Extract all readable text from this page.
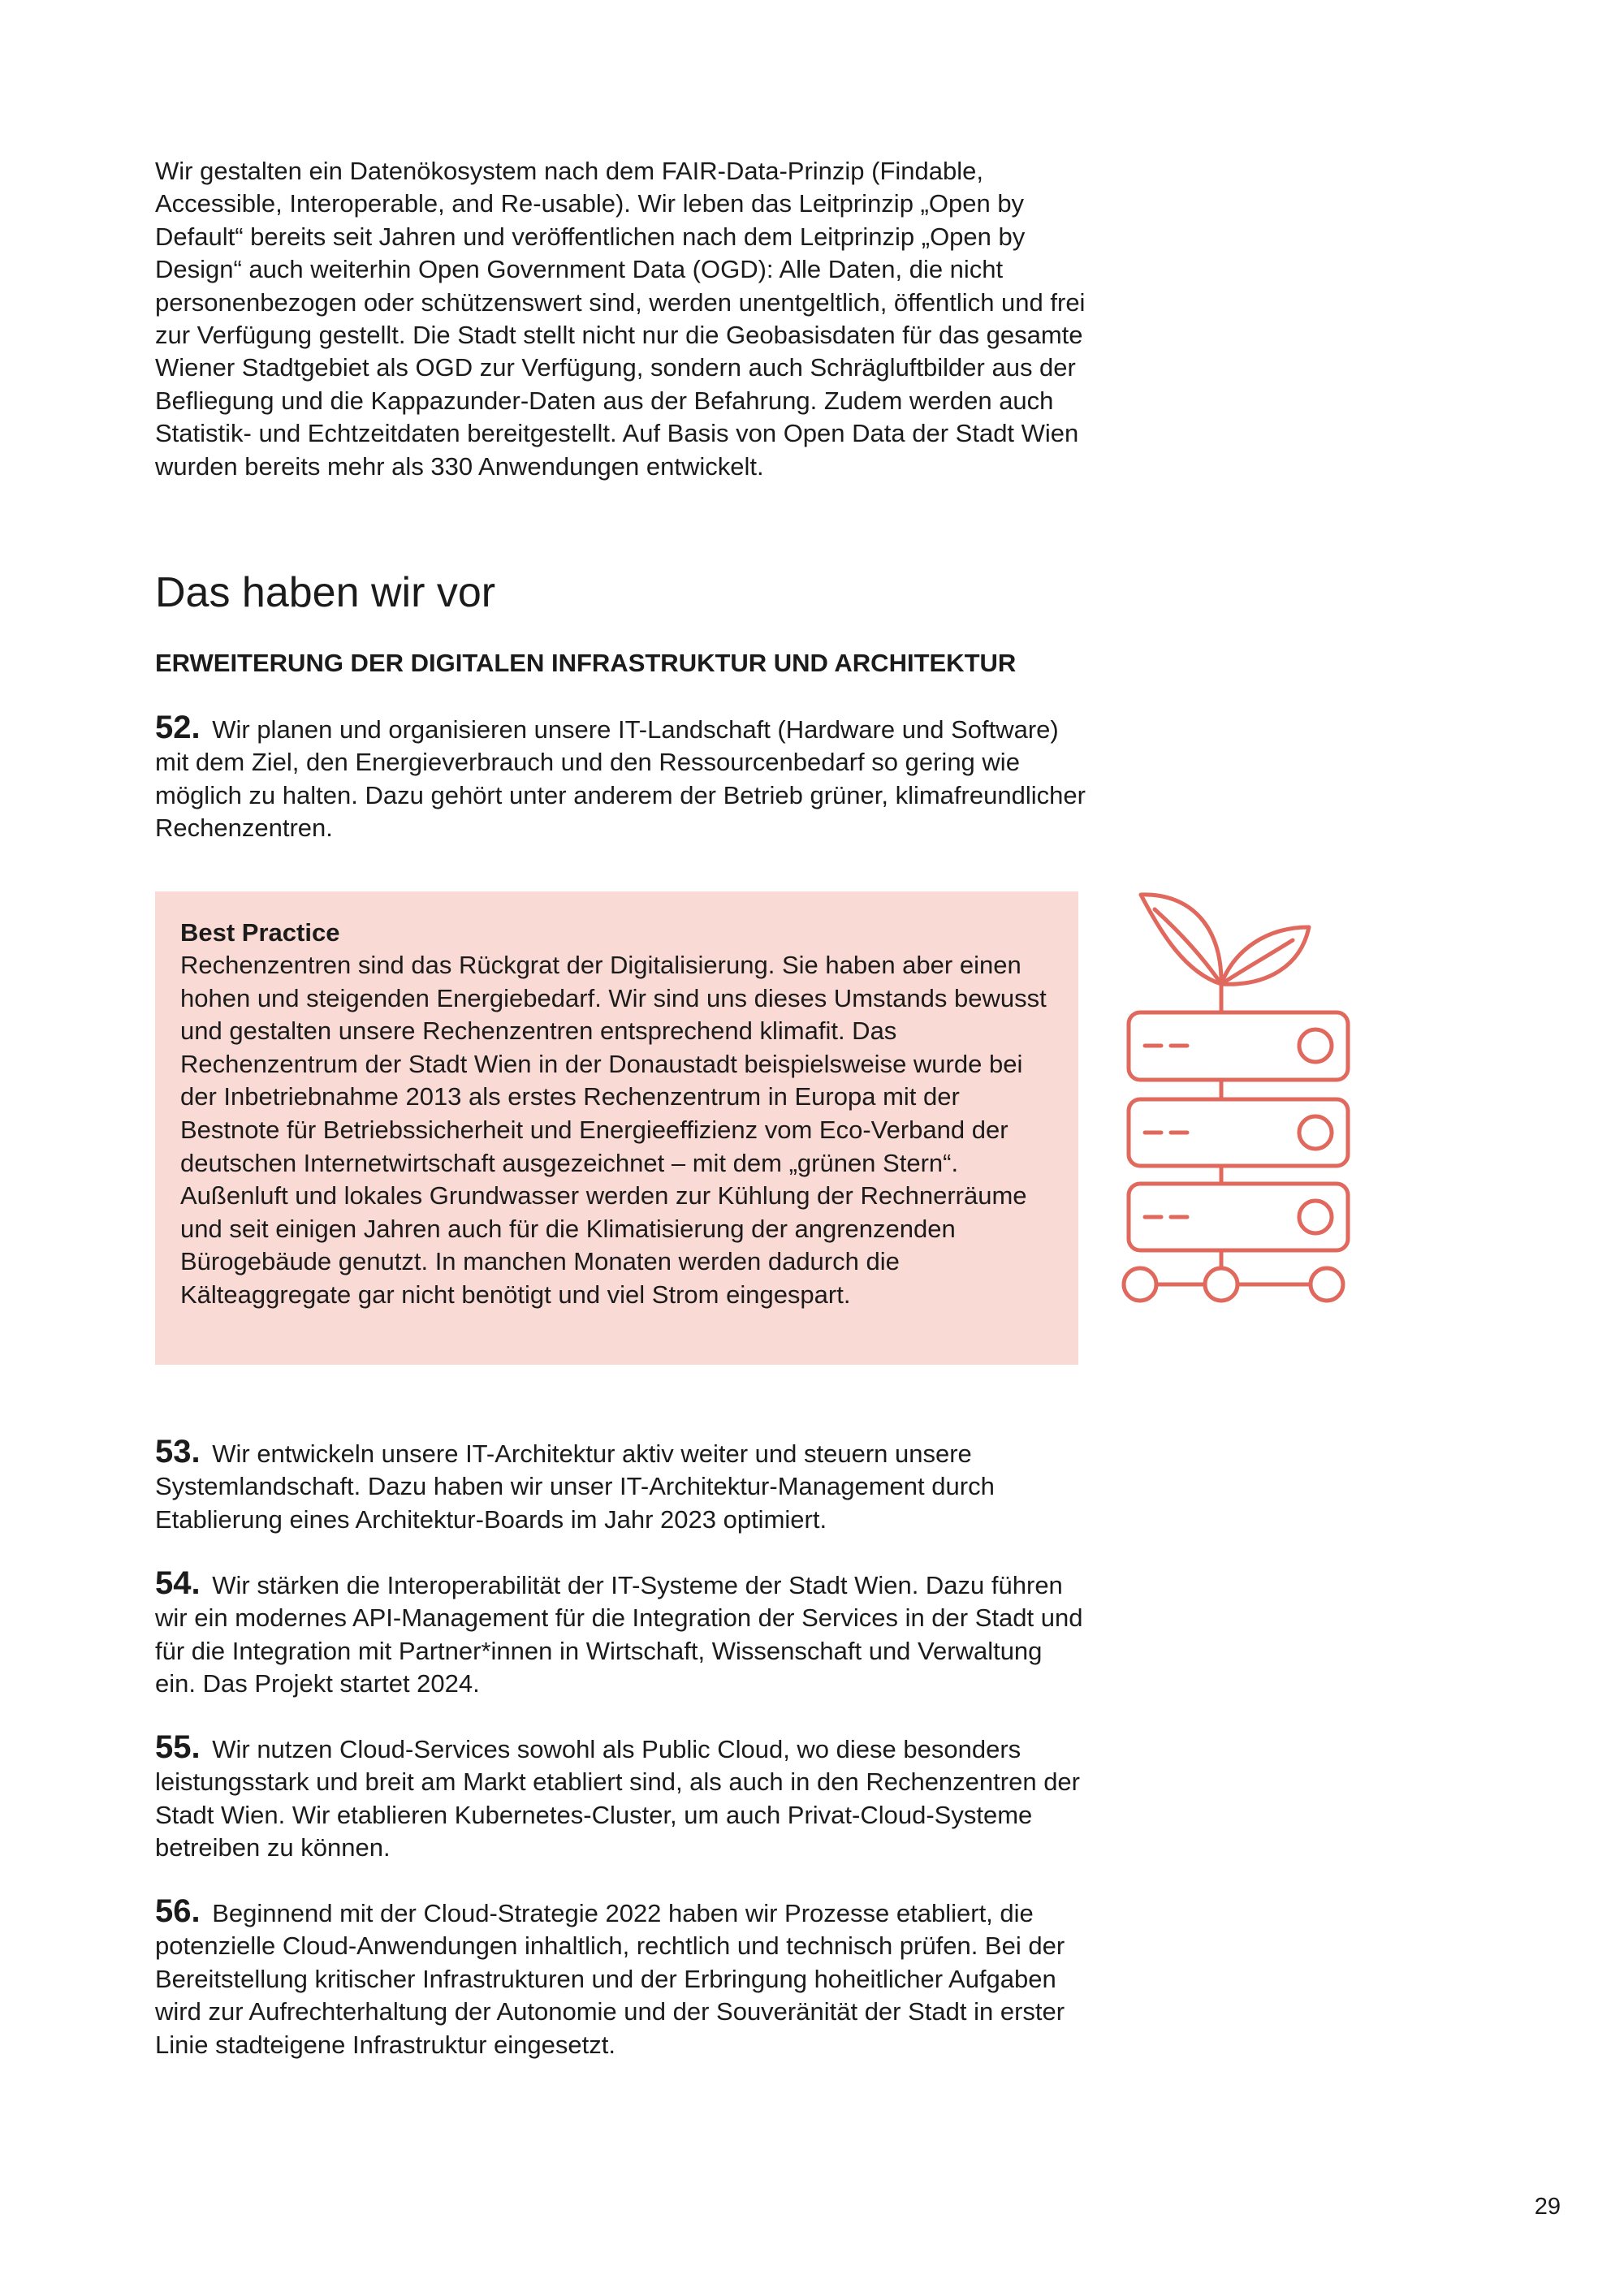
Wir gestalten ein Datenökosystem nach dem FAIR-Data-Prinzip (Findable, Accessible, Interoperable, and Re-usable). Wir leben das Leitprinzip „Open by Default“ bereits seit Jahren und veröffentlichen nach dem Leitprinzip „Open by Design“ auch weiterhin Open Government Data (OGD): Alle Daten, die nicht personenbezogen oder schützenswert sind, werden unentgeltlich, öffentlich und frei zur Verfügung gestellt. Die Stadt stellt nicht nur die Geobasisdaten für das gesamte Wiener Stadtgebiet als OGD zur Verfügung, sondern auch Schrägluftbilder aus der Befliegung und die Kappazunder-Daten aus der Befahrung. Zudem werden auch Statistik- und Echtzeitdaten bereitgestellt. Auf Basis von Open Data der Stadt Wien wurden bereits mehr als 330 Anwendungen entwickelt.

Das haben wir vor
ERWEITERUNG DER DIGITALEN INFRASTRUKTUR UND ARCHITEKTUR

52. Wir planen und organisieren unsere IT-Landschaft (Hardware und Software) mit dem Ziel, den Energieverbrauch und den Ressourcenbedarf so gering wie möglich zu halten. Dazu gehört unter anderem der Betrieb grüner, klimafreundlicher Rechenzentren.

Best Practice

Rechenzentren sind das Rückgrat der Digitalisierung. Sie haben aber einen hohen und steigenden Energiebedarf. Wir sind uns dieses Umstands bewusst und gestalten unsere Rechenzentren entsprechend klimafit. Das Rechenzentrum der Stadt Wien in der Donaustadt beispielsweise wurde bei der Inbetriebnahme 2013 als erstes Rechenzentrum in Europa mit der Bestnote für Betriebssicherheit und Energieeffizienz vom Eco-Verband der deutschen Internetwirtschaft ausgezeichnet – mit dem „grünen Stern“. Außenluft und lokales Grundwasser werden zur Kühlung der Rechnerräume und seit einigen Jahren auch für die Klimatisierung der angrenzenden Bürogebäude genutzt. In manchen Monaten werden dadurch die Kälteaggregate gar nicht benötigt und viel Strom eingespart.

53. Wir entwickeln unsere IT-Architektur aktiv weiter und steuern unsere Systemlandschaft. Dazu haben wir unser IT-Architektur-Management durch Etablierung eines Architektur-Boards im Jahr 2023 optimiert.

54. Wir stärken die Interoperabilität der IT-Systeme der Stadt Wien. Dazu führen wir ein modernes API-Management für die Integration der Services in der Stadt und für die Integration mit Partner*innen in Wirtschaft, Wissenschaft und Verwaltung ein. Das Projekt startet 2024.

55. Wir nutzen Cloud-Services sowohl als Public Cloud, wo diese besonders leistungsstark und breit am Markt etabliert sind, als auch in den Rechenzentren der Stadt Wien. Wir etablieren Kubernetes-Cluster, um auch Privat-Cloud-Systeme betreiben zu können.

56. Beginnend mit der Cloud-Strategie 2022 haben wir Prozesse etabliert, die potenzielle Cloud-Anwendungen inhaltlich, rechtlich und technisch prüfen. Bei der Bereitstellung kritischer Infrastrukturen und der Erbringung hoheitlicher Aufgaben wird zur Aufrechterhaltung der Autonomie und der Souveränität der Stadt in erster Linie stadteigene Infrastruktur eingesetzt.

29
